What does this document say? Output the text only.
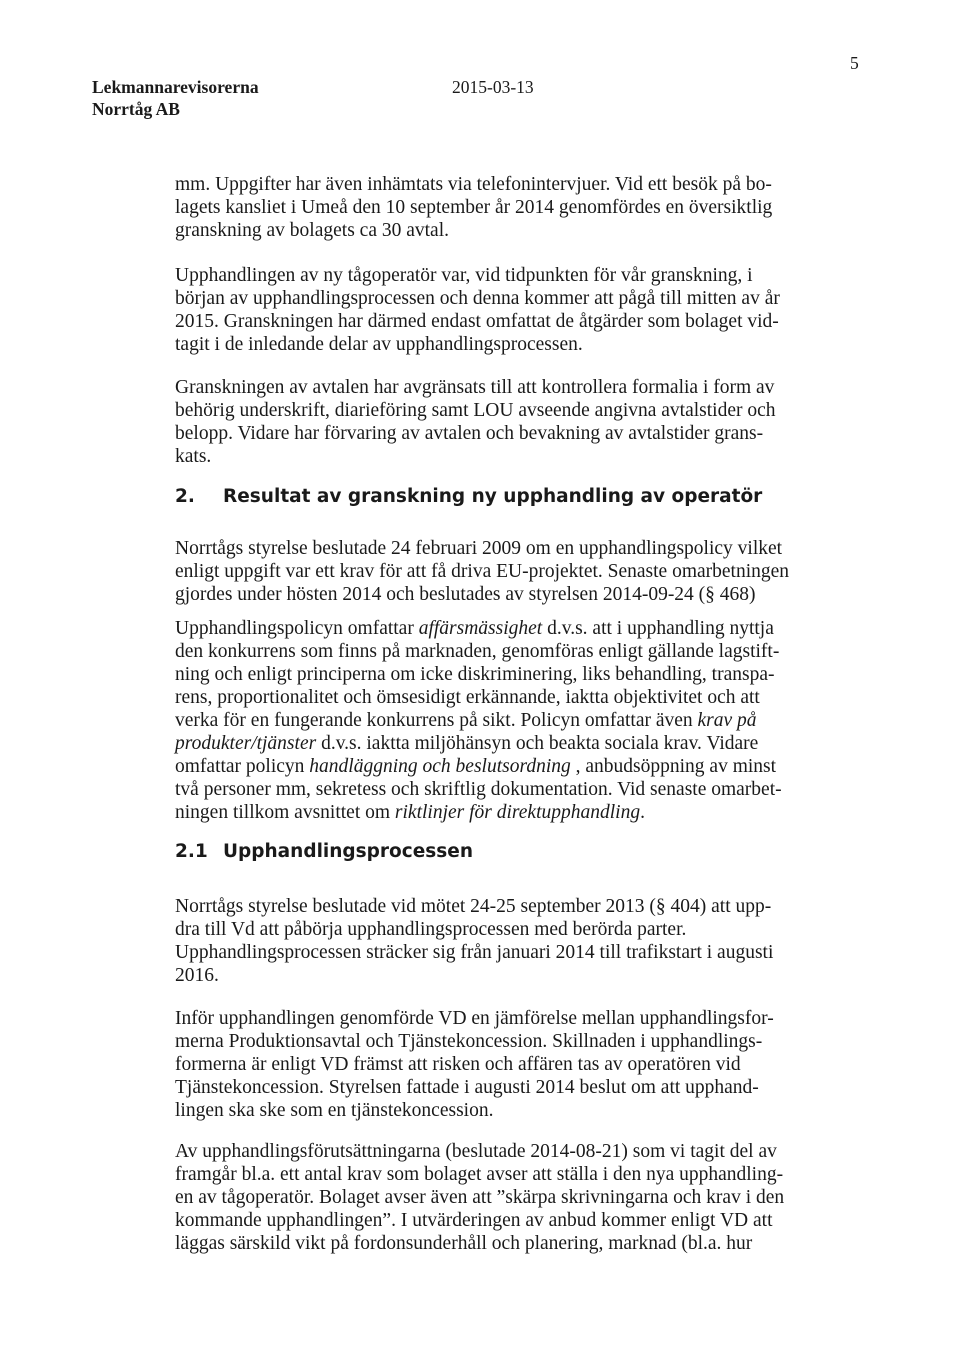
Lekmannarevisorerna
Norrtåg AB
2015-03-13
5
mm. Uppgifter har även inhämtats via telefonintervjuer. Vid ett besök på bo-
lagets kansliet i Umeå den 10 september år 2014 genomfördes en översiktlig
granskning av bolagets ca 30 avtal.
Upphandlingen av ny tågoperatör var, vid tidpunkten för vår granskning, i
början av upphandlingsprocessen och denna kommer att pågå till mitten av år
2015. Granskningen har därmed endast omfattat de åtgärder som bolaget vid-
tagit i de inledande delar av upphandlingsprocessen.
Granskningen av avtalen har avgränsats till att kontrollera formalia i form av
behörig underskrift, diarieföring samt LOU avseende angivna avtalstider och
belopp. Vidare har förvaring av avtalen och bevakning av avtalstider grans-
kats.
2. Resultat av granskning ny upphandling av operatör
Norrtågs styrelse beslutade 24 februari 2009 om en upphandlingspolicy vilket
enligt uppgift var ett krav för att få driva EU-projektet. Senaste omarbetningen
gjordes under hösten 2014 och beslutades av styrelsen 2014-09-24 (§ 468)
Upphandlingspolicyn omfattar affärsmässighet d.v.s. att i upphandling nyttja
den konkurrens som finns på marknaden, genomföras enligt gällande lagstift-
ning och enligt principerna om icke diskriminering, liks behandling, transpa-
rens, proportionalitet och ömsesidigt erkännande, iaktta objektivitet och att
verka för en fungerande konkurrens på sikt. Policyn omfattar även krav på
produkter/tjänster d.v.s. iaktta miljöhänsyn och beakta sociala krav. Vidare
omfattar policyn handläggning och beslutsordning , anbudsöppning av minst
två personer mm, sekretess och skriftlig dokumentation. Vid senaste omarbet-
ningen tillkom avsnittet om riktlinjer för direktupphandling.
2.1 Upphandlingsprocessen
Norrtågs styrelse beslutade vid mötet 24-25 september 2013 (§ 404) att upp-
dra till Vd att påbörja upphandlingsprocessen med berörda parter.
Upphandlingsprocessen sträcker sig från januari 2014 till trafikstart i augusti
2016.
Inför upphandlingen genomförde VD en jämförelse mellan upphandlingsfor-
merna Produktionsavtal och Tjänstekoncession. Skillnaden i upphandlings-
formerna är enligt VD främst att risken och affären tas av operatören vid
Tjänstekoncession. Styrelsen fattade i augusti 2014 beslut om att upphand-
lingen ska ske som en tjänstekoncession.
Av upphandlingsförutsättningarna (beslutade 2014-08-21) som vi tagit del av
framgår bl.a. ett antal krav som bolaget avser att ställa i den nya upphandling-
en av tågoperatör. Bolaget avser även att ”skärpa skrivningarna och krav i den
kommande upphandlingen”. I utvärderingen av anbud kommer enligt VD att
läggas särskild vikt på fordonsunderhåll och planering, marknad (bl.a. hur
